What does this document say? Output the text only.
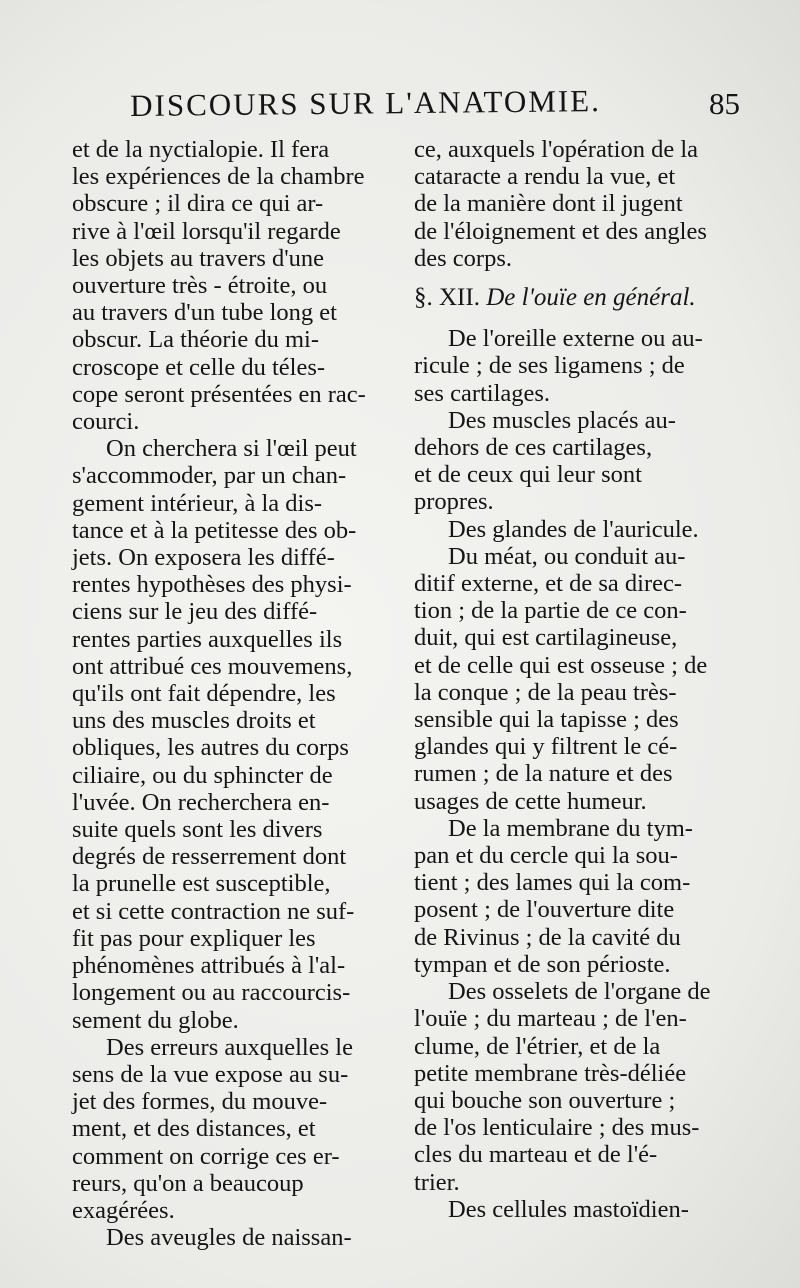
DISCOURS SUR L'ANATOMIE.	85

et de la nyctialopie. Il fera
les expériences de la chambre
obscure ; il dira ce qui ar-
rive à l'œil lorsqu'il regarde
les objets au travers d'une
ouverture très - étroite, ou
au travers d'un tube long et
obscur. La théorie du mi-
croscope et celle du téles-
cope seront présentées en rac-
courci.

On cherchera si l'œil peut
s'accommoder, par un chan-
gement intérieur, à la dis-
tance et à la petitesse des ob-
jets. On exposera les diffé-
rentes hypothèses des physi-
ciens sur le jeu des diffé-
rentes parties auxquelles ils
ont attribué ces mouvemens,
qu'ils ont fait dépendre, les
uns des muscles droits et
obliques, les autres du corps
ciliaire, ou du sphincter de
l'uvée. On recherchera en-
suite quels sont les divers
degrés de resserrement dont
la prunelle est susceptible,
et si cette contraction ne suf-
fit pas pour expliquer les
phénomènes attribués à l'al-
longement ou au raccourcis-
sement du globe.

Des erreurs auxquelles le
sens de la vue expose au su-
jet des formes, du mouve-
ment, et des distances, et
comment on corrige ces er-
reurs, qu'on a beaucoup
exagérées.

Des aveugles de naissan-

ce, auxquels l'opération de la
cataracte a rendu la vue, et
de la manière dont il jugent
de l'éloignement et des angles
des corps.

§. XII. De l'ouïe en général.

De l'oreille externe ou au-
ricule ; de ses ligamens ; de
ses cartilages.

Des muscles placés au-
dehors de ces cartilages,
et de ceux qui leur sont
propres.

Des glandes de l'auricule.

Du méat, ou conduit au-
ditif externe, et de sa direc-
tion ; de la partie de ce con-
duit, qui est cartilagineuse,
et de celle qui est osseuse ; de
la conque ; de la peau très-
sensible qui la tapisse ; des
glandes qui y filtrent le cé-
rumen ; de la nature et des
usages de cette humeur.

De la membrane du tym-
pan et du cercle qui la sou-
tient ; des lames qui la com-
posent ; de l'ouverture dite
de Rivinus ; de la cavité du
tympan et de son périoste.

Des osselets de l'organe de
l'ouïe ; du marteau ; de l'en-
clume, de l'étrier, et de la
petite membrane très-déliée
qui bouche son ouverture ;
de l'os lenticulaire ; des mus-
cles du marteau et de l'é-
trier.

Des cellules mastoïdien-
